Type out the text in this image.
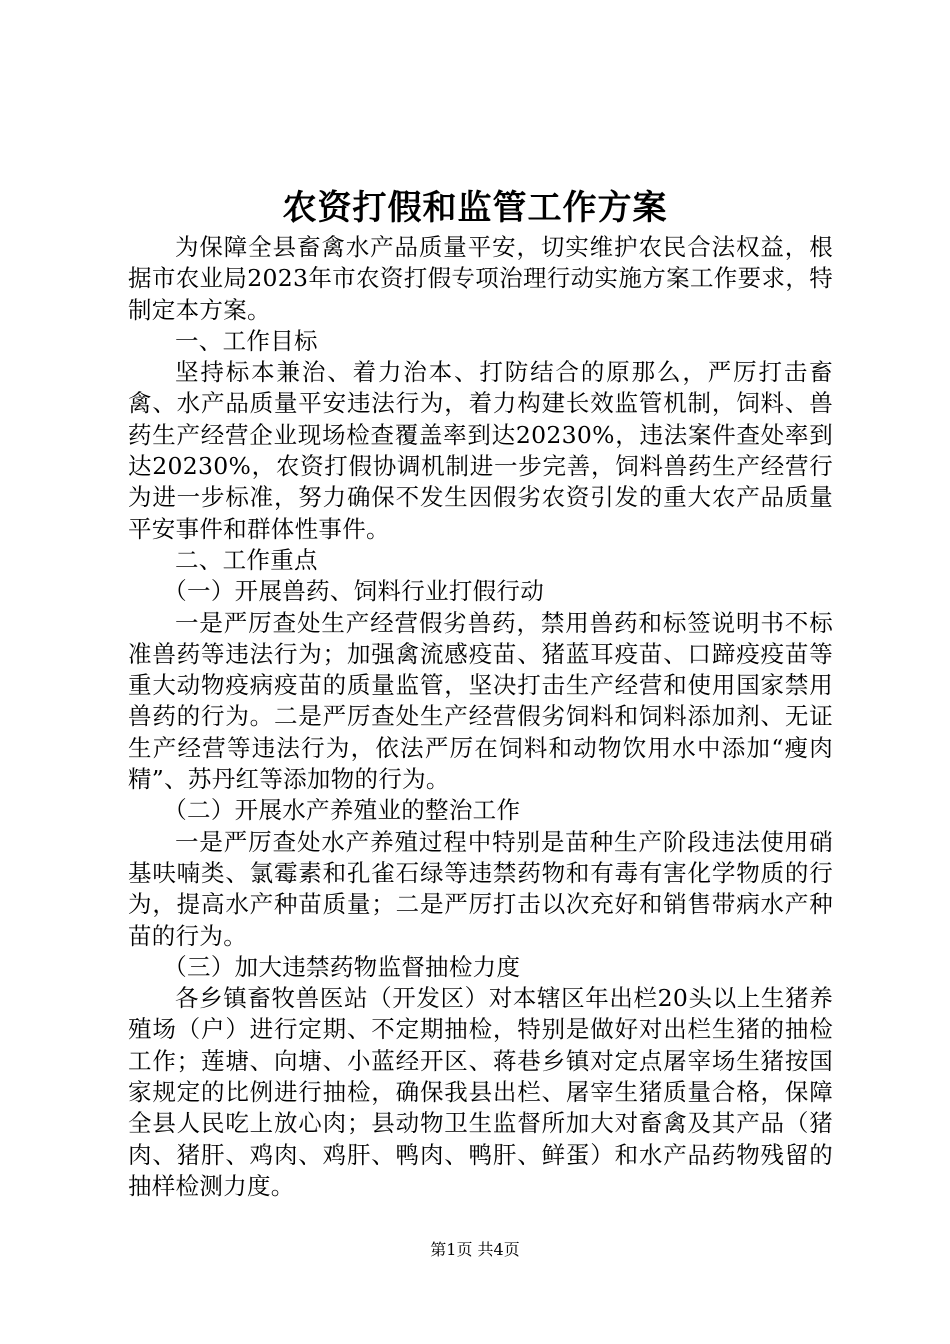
农资打假和监管工作方案

为保障全县畜禽水产品质量平安，切实维护农民合法权益，根据市农业局2023年市农资打假专项治理行动实施方案工作要求，特制定本方案。

一、工作目标

坚持标本兼治、着力治本、打防结合的原那么，严厉打击畜禽、水产品质量平安违法行为，着力构建长效监管机制，饲料、兽药生产经营企业现场检查覆盖率到达20230%，违法案件查处率到达20230%，农资打假协调机制进一步完善，饲料兽药生产经营行为进一步标准，努力确保不发生因假劣农资引发的重大农产品质量平安事件和群体性事件。

二、工作重点

（一）开展兽药、饲料行业打假行动

一是严厉查处生产经营假劣兽药，禁用兽药和标签说明书不标准兽药等违法行为；加强禽流感疫苗、猪蓝耳疫苗、口蹄疫疫苗等重大动物疫病疫苗的质量监管，坚决打击生产经营和使用国家禁用兽药的行为。二是严厉查处生产经营假劣饲料和饲料添加剂、无证生产经营等违法行为，依法严厉在饲料和动物饮用水中添加“瘦肉精”、苏丹红等添加物的行为。

（二）开展水产养殖业的整治工作

一是严厉查处水产养殖过程中特别是苗种生产阶段违法使用硝基呋喃类、氯霉素和孔雀石绿等违禁药物和有毒有害化学物质的行为，提高水产种苗质量；二是严厉打击以次充好和销售带病水产种苗的行为。

（三）加大违禁药物监督抽检力度

各乡镇畜牧兽医站（开发区）对本辖区年出栏20头以上生猪养殖场（户）进行定期、不定期抽检，特别是做好对出栏生猪的抽检工作；莲塘、向塘、小蓝经开区、蒋巷乡镇对定点屠宰场生猪按国家规定的比例进行抽检，确保我县出栏、屠宰生猪质量合格，保障全县人民吃上放心肉；县动物卫生监督所加大对畜禽及其产品（猪肉、猪肝、鸡肉、鸡肝、鸭肉、鸭肝、鲜蛋）和水产品药物残留的抽样检测力度。

第1页 共4页
